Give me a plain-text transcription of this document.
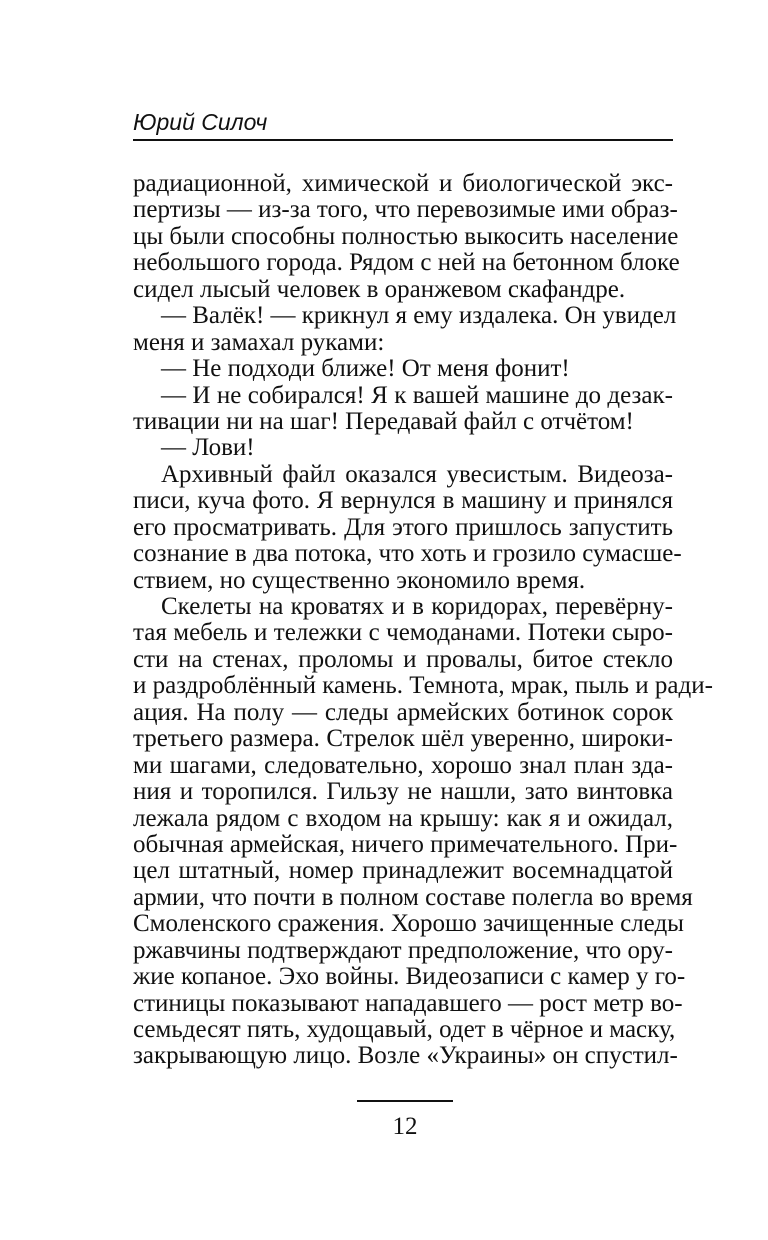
Юрий Силоч
радиационной, химической и биологической экс-
пертизы — из-за того, что перевозимые ими образ-
цы были способны полностью выкосить население
небольшого города. Рядом с ней на бетонном блоке
сидел лысый человек в оранжевом скафандре.
— Валёк! — крикнул я ему издалека. Он увидел
меня и замахал руками:
— Не подходи ближе! От меня фонит!
— И не собирался! Я к вашей машине до дезак-
тивации ни на шаг! Передавай файл с отчётом!
— Лови!
Архивный файл оказался увесистым. Видеоза-
писи, куча фото. Я вернулся в машину и принялся
его просматривать. Для этого пришлось запустить
сознание в два потока, что хоть и грозило сумасше-
ствием, но существенно экономило время.
Скелеты на кроватях и в коридорах, перевёрну-
тая мебель и тележки с чемоданами. Потеки сыро-
сти на стенах, проломы и провалы, битое стекло
и раздроблённый камень. Темнота, мрак, пыль и ради-
ация. На полу — следы армейских ботинок сорок
третьего размера. Стрелок шёл уверенно, широки-
ми шагами, следовательно, хорошо знал план зда-
ния и торопился. Гильзу не нашли, зато винтовка
лежала рядом с входом на крышу: как я и ожидал,
обычная армейская, ничего примечательного. При-
цел штатный, номер принадлежит восемнадцатой
армии, что почти в полном составе полегла во время
Смоленского сражения. Хорошо зачищенные следы
ржавчины подтверждают предположение, что ору-
жие копаное. Эхо войны. Видеозаписи с камер у го-
стиницы показывают нападавшего — рост метр во-
семьдесят пять, худощавый, одет в чёрное и маску,
закрывающую лицо. Возле «Украины» он спустил-
12
